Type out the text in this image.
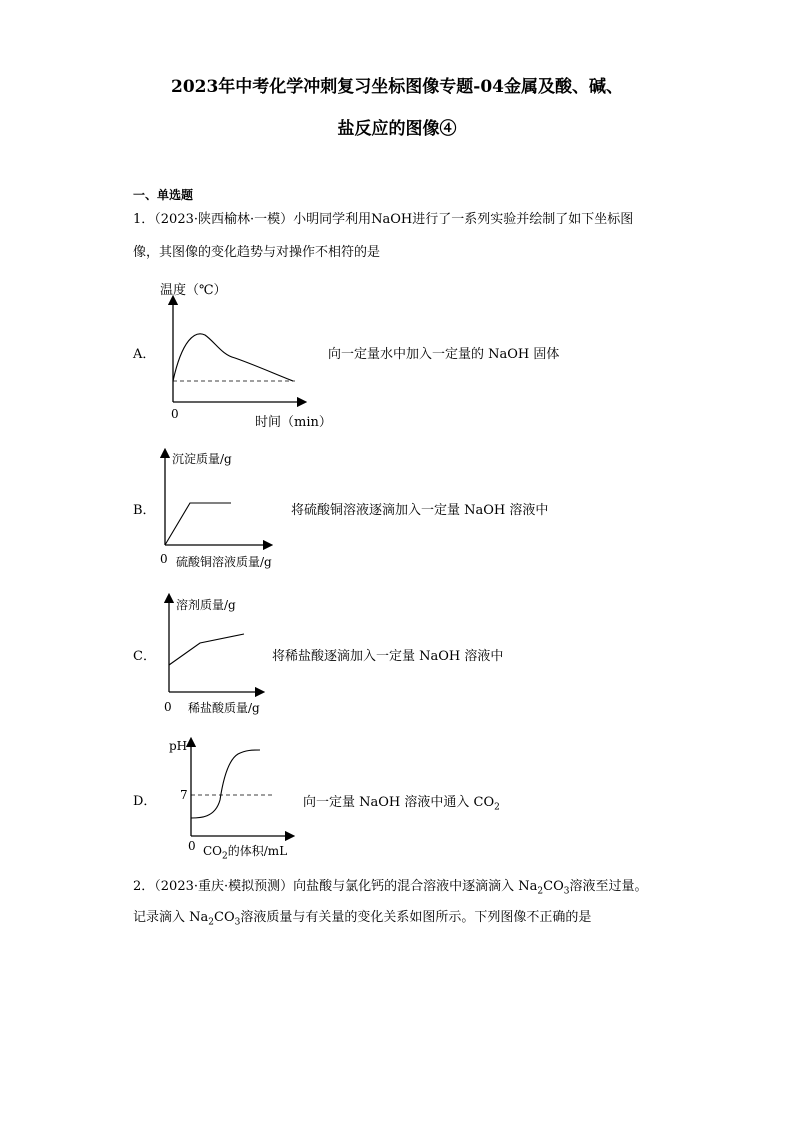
2023年中考化学冲刺复习坐标图像专题-04金属及酸、碱、
盐反应的图像④
一、单选题
1．（2023·陕西榆林·一模）小明同学利用NaOH进行了一系列实验并绘制了如下坐标图
像，其图像的变化趋势与对操作不相符的是
A．
温度（℃）
0
时间（min）
向一定量水中加入一定量的 NaOH 固体
B．
沉淀质量/g
0 硫酸铜溶液质量/g
将硫酸铜溶液逐滴加入一定量 NaOH 溶液中
C．
溶剂质量/g
0 稀盐酸质量/g
将稀盐酸逐滴加入一定量 NaOH 溶液中
D．
pH
7
0 $CO_2$的体积/mL
向一定量 NaOH 溶液中通入 $CO_2$
2．（2023·重庆·模拟预测）向盐酸与氯化钙的混合溶液中逐滴滴入 $Na_2CO_3$溶液至过量。
记录滴入 $Na_2CO_3$溶液质量与有关量的变化关系如图所示。下列图像不正确的是
